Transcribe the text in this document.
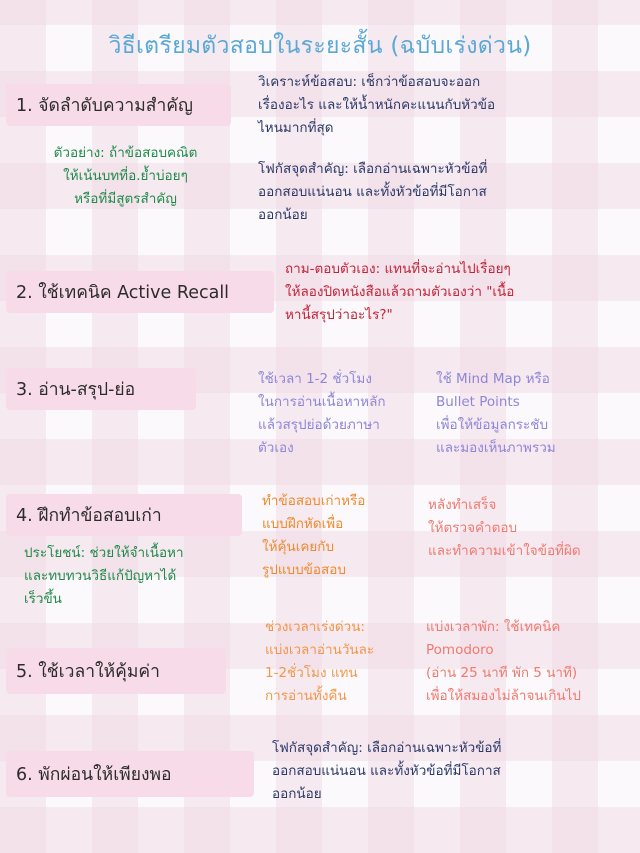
วิธีเตรียมตัวสอบในระยะสั้น (ฉบับเร่งด่วน)
1. จัดลำดับความสำคัญ
วิเคราะห์ข้อสอบ: เช็กว่าข้อสอบจะออก
เรื่องอะไร และให้น้ำหนักคะแนนกับหัวข้อ
ไหนมากที่สุด
ตัวอย่าง: ถ้าข้อสอบคณิต
ให้เน้นบทที่อ.ย้ำบ่อยๆ
หรือที่มีสูตรสำคัญ
โฟกัสจุดสำคัญ: เลือกอ่านเฉพาะหัวข้อที่
ออกสอบแน่นอน และทั้งหัวข้อที่มีโอกาส
ออกน้อย
2. ใช้เทคนิค Active Recall
ถาม-ตอบตัวเอง: แทนที่จะอ่านไปเรื่อยๆ
ให้ลองปิดหนังสือแล้วถามตัวเองว่า "เนื้อ
หานี้สรุปว่าอะไร?"
3. อ่าน-สรุป-ย่อ
ใช้เวลา 1-2 ชั่วโมง
ในการอ่านเนื้อหาหลัก
แล้วสรุปย่อด้วยภาษา
ตัวเอง
ใช้ Mind Map หรือ
Bullet Points
เพื่อให้ข้อมูลกระชับ
และมองเห็นภาพรวม
4. ฝึกทำข้อสอบเก่า
ทำข้อสอบเก่าหรือ
แบบฝึกหัดเพื่อ
ให้คุ้นเคยกับ
รูปแบบข้อสอบ
หลังทำเสร็จ
ให้ตรวจคำตอบ
และทำความเข้าใจข้อที่ผิด
ประโยชน์: ช่วยให้จำเนื้อหา
และทบทวนวิธีแก้ปัญหาได้
เร็วขึ้น
5. ใช้เวลาให้คุ้มค่า
ช่วงเวลาเร่งด่วน:
แบ่งเวลาอ่านวันละ
1-2ชั่วโมง แทน
การอ่านทั้งคืน
แบ่งเวลาพัก: ใช้เทคนิค
Pomodoro
(อ่าน 25 นาที พัก 5 นาที)
เพื่อให้สมองไม่ล้าจนเกินไป
6. พักผ่อนให้เพียงพอ
โฟกัสจุดสำคัญ: เลือกอ่านเฉพาะหัวข้อที่
ออกสอบแน่นอน และทั้งหัวข้อที่มีโอกาส
ออกน้อย
